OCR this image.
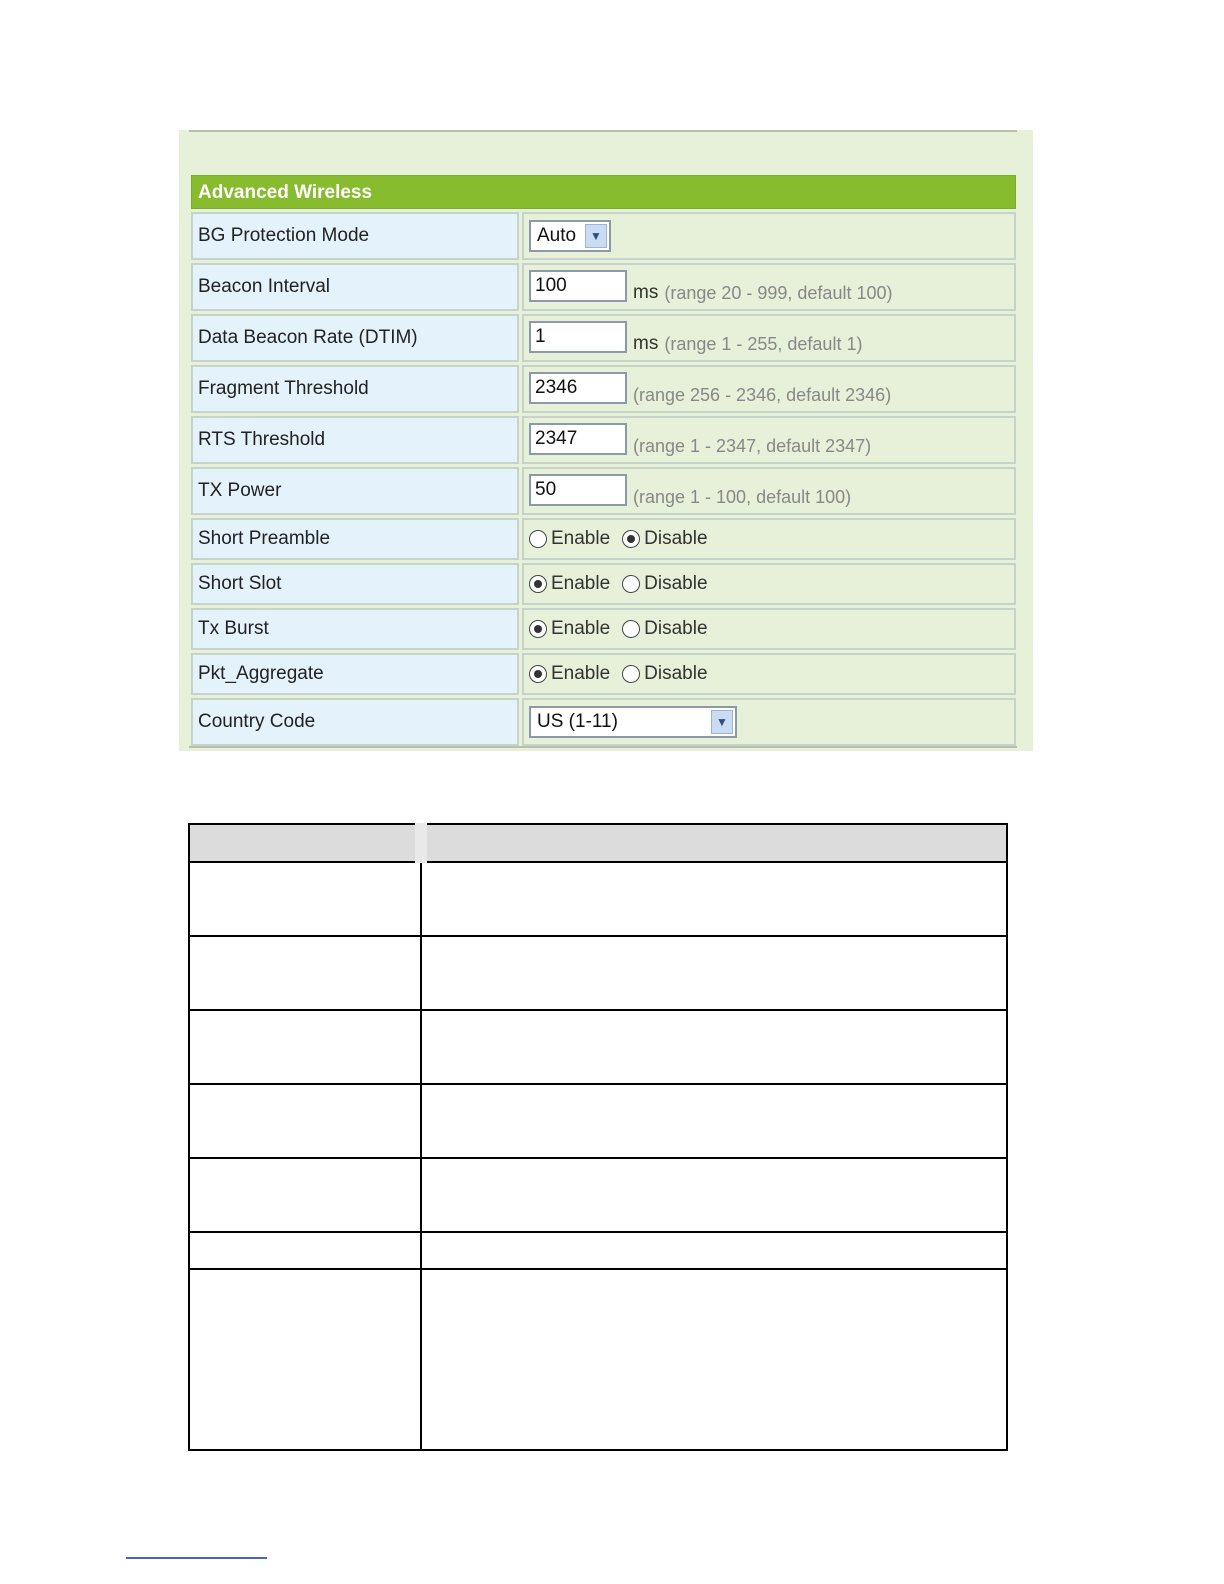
Advanced Wireless
BG Protection Mode	Auto	▼
Beacon Interval	100	ms (range 20 - 999, default 100)
Data Beacon Rate (DTIM)	1	ms (range 1 - 255, default 1)
Fragment Threshold	2346	(range 256 - 2346, default 2346)
RTS Threshold	2347	(range 1 - 2347, default 2347)
TX Power	50	(range 1 - 100, default 100)
Short Preamble	Enable Disable
Short Slot	Enable Disable
Tx Burst	Enable Disable
Pkt_Aggregate	Enable Disable
Country Code	US (1-11)	▼
